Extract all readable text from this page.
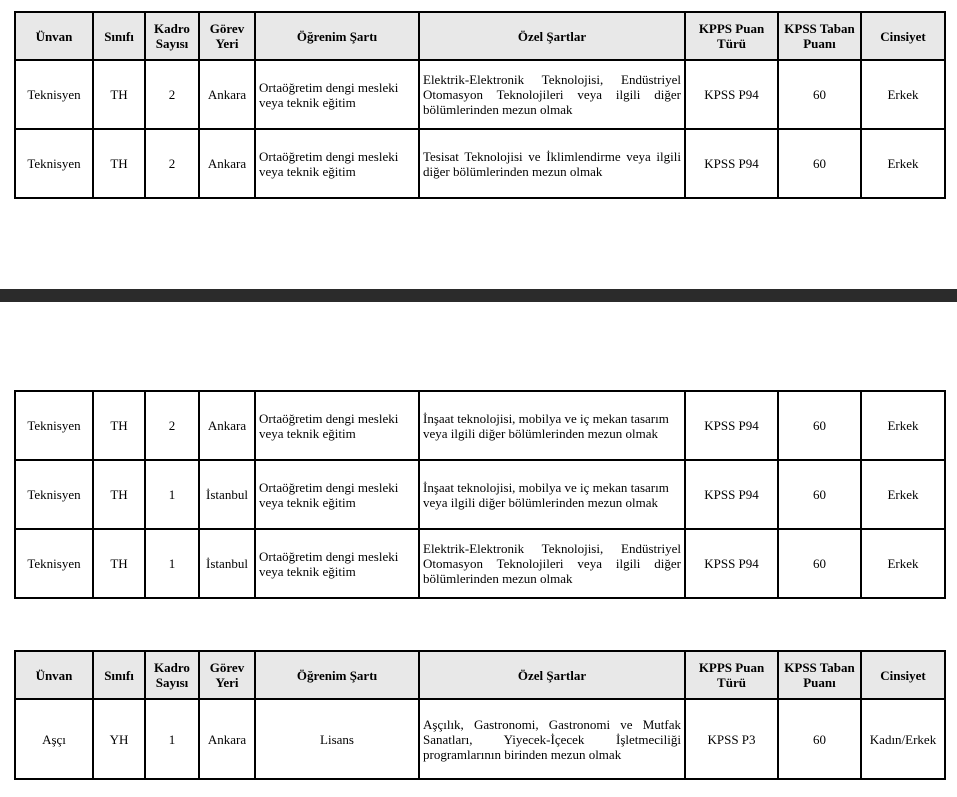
Ünvan	Sınıfı	Kadro Sayısı	Görev Yeri	Öğrenim Şartı	Özel Şartlar	KPPS Puan Türü	KPSS Taban Puanı	Cinsiyet
Teknisyen	TH	2	Ankara	Ortaöğretim dengi mesleki veya teknik eğitim	Elektrik-Elektronik Teknolojisi, Endüstriyel Otomasyon Teknolojileri veya ilgili diğer bölümlerinden mezun olmak	KPSS P94	60	Erkek
Teknisyen	TH	2	Ankara	Ortaöğretim dengi mesleki veya teknik eğitim	Tesisat Teknolojisi ve İklimlendirme veya ilgili diğer bölümlerinden mezun olmak	KPSS P94	60	Erkek
Teknisyen	TH	2	Ankara	Ortaöğretim dengi mesleki veya teknik eğitim	İnşaat teknolojisi, mobilya ve iç mekan tasarım veya ilgili diğer bölümlerinden mezun olmak	KPSS P94	60	Erkek
Teknisyen	TH	1	İstanbul	Ortaöğretim dengi mesleki veya teknik eğitim	İnşaat teknolojisi, mobilya ve iç mekan tasarım veya ilgili diğer bölümlerinden mezun olmak	KPSS P94	60	Erkek
Teknisyen	TH	1	İstanbul	Ortaöğretim dengi mesleki veya teknik eğitim	Elektrik-Elektronik Teknolojisi, Endüstriyel Otomasyon Teknolojileri veya ilgili diğer bölümlerinden mezun olmak	KPSS P94	60	Erkek
Ünvan	Sınıfı	Kadro Sayısı	Görev Yeri	Öğrenim Şartı	Özel Şartlar	KPPS Puan Türü	KPSS Taban Puanı	Cinsiyet
Aşçı	YH	1	Ankara	Lisans	Aşçılık, Gastronomi, Gastronomi ve Mutfak Sanatları, Yiyecek-İçecek İşletmeciliği programlarının birinden mezun olmak	KPSS P3	60	Kadın/Erkek
